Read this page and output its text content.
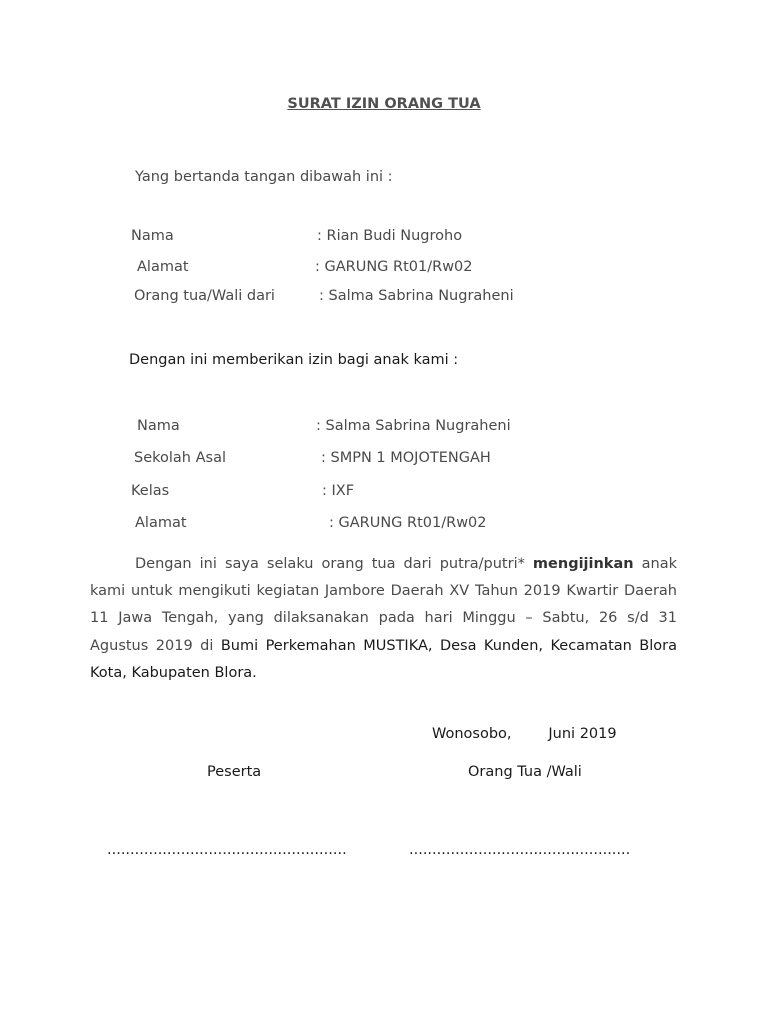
SURAT IZIN ORANG TUA
Yang bertanda tangan dibawah ini :
Nama	: Rian Budi Nugroho
Alamat	: GARUNG Rt01/Rw02
Orang tua/Wali dari	: Salma Sabrina Nugraheni
Dengan ini memberikan izin bagi anak kami :
Nama	: Salma Sabrina Nugraheni
Sekolah Asal	: SMPN 1 MOJOTENGAH
Kelas	: IXF
Alamat	: GARUNG Rt01/Rw02
Dengan ini saya selaku orang tua dari putra/putri* mengijinkan anak kami untuk mengikuti kegiatan Jambore Daerah XV Tahun 2019 Kwartir Daerah 11 Jawa Tengah, yang dilaksanakan pada hari Minggu – Sabtu, 26 s/d 31 Agustus 2019 di Bumi Perkemahan MUSTIKA, Desa Kunden, Kecamatan Blora Kota, Kabupaten Blora.
Wonosobo,        Juni 2019
Peserta	Orang Tua /Wali
....................................................	................................................
